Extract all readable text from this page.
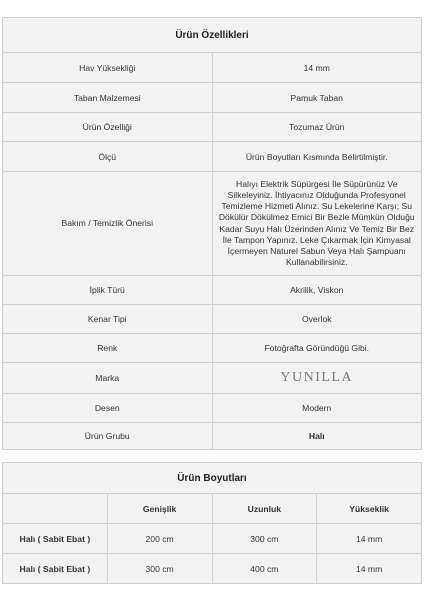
Ürün Özellikleri	
Hav Yüksekliği	14 mm
Taban Malzemesi	Pamuk Taban
Ürün Özelliği	Tozumaz Ürün
Ölçü	Ürün Boyutları Kısmında Belirtilmiştir.
Bakım / Temizlik Önerisi	Halıyı Elektrik Süpürgesi İle Süpürünüz Ve Silkeleyiniz. İhtiyacınız Olduğunda Profesyonel Temizleme Hizmeti Alınız. Su Lekelerine Karşı; Su Dökülür Dökülmez Emici Bir Bezle Mümkün Olduğu Kadar Suyu Halı Üzerinden Alınız Ve Temiz Bir Bez İle Tampon Yapınız. Leke Çıkarmak İçin Kimyasal İçermeyen Naturel Sabun Veya Halı Şampuanı Kullanabilirsiniz.
İplik Türü	Akrilik, Viskon
Kenar Tipi	Overlok
Renk	Fotoğrafta Göründüğü Gibi.
Marka	YUNILLA
Desen	Modern
Ürün Grubu	Halı
Ürün Boyutları			
	Genişlik	Uzunluk	Yükseklik
Halı ( Sabit Ebat )	200 cm	300 cm	14 mm
Halı ( Sabit Ebat )	300 cm	400 cm	14 mm
